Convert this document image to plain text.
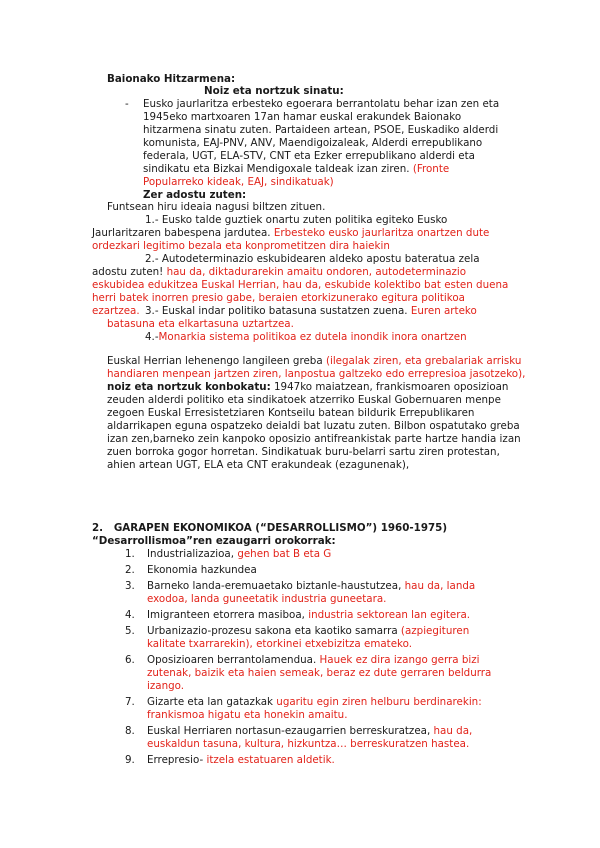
Baionako Hitzarmena:
Noiz eta nortzuk sinatu:
- Eusko jaurlaritza erbesteko egoerara berrantolatu behar izan zen eta 1945eko martxoaren 17an hamar euskal erakundek Baionako hitzarmena sinatu zuten. Partaideen artean, PSOE, Euskadiko alderdi komunista, EAJ-PNV, ANV, Maendigoizaleak, Alderdi errepublikano federala, UGT, ELA-STV, CNT eta Ezker errepublikano alderdi eta sindikatu eta Bizkai Mendigoxale taldeak izan ziren. (Fronte Popularreko kideak, EAJ, sindikatuak)
Zer adostu zuten:
Funtsean hiru ideaia nagusi biltzen zituen.
1.- Eusko talde guztiek onartu zuten politika egiteko Eusko Jaurlaritzaren babespena jardutea. Erbesteko eusko jaurlaritza onartzen dute ordezkari legitimo bezala eta konprometitzen dira haiekin
2.- Autodeterminazio eskubidearen aldeko apostu bateratua zela adostu zuten! hau da, diktadurarekin amaitu ondoren, autodeterminazio eskubidea edukitzea Euskal Herrian, hau da, eskubide kolektibo bat esten duena herri batek inorren presio gabe, beraien etorkizunerako egitura politikoa ezartzea. 3.- Euskal indar politiko batasuna sustatzen zuena. Euren arteko batasuna eta elkartasuna uztartzea.
4.-Monarkia sistema politikoa ez dutela inondik inora onartzen
Euskal Herrian lehenengo langileen greba (ilegalak ziren, eta grebalariak arrisku handiaren menpean jartzen ziren, lanpostua galtzeko edo errepresioa jasotzeko), noiz eta nortzuk konbokatu: 1947ko maiatzean, frankismoaren oposizioan zeuden alderdi politiko eta sindikatoek atzerriko Euskal Gobernuaren menpe zegoen Euskal Erresistetziaren Kontseilu batean bildurik Errepublikaren aldarrikapen eguna ospatzeko deialdi bat luzatu zuten. Bilbon ospatutako greba izan zen,barneko zein kanpoko oposizio antifreankistak parte hartze handia izan zuen borroka gogor horretan. Sindikatuak buru-belarri sartu ziren protestan, ahien artean UGT, ELA eta CNT erakundeak (ezagunenak),
2. GARAPEN EKONOMIKOA (“DESARROLLISMO”) 1960-1975)
“Desarrollismoa”ren ezaugarri orokorrak:
1. Industrializazioa, gehen bat B eta G
2. Ekonomia hazkundea
3. Barneko landa-eremuaetako biztanle-haustutzea, hau da, landa exodoa, landa guneetatik industria guneetara.
4. Imigranteen etorrera masiboa, industria sektorean lan egitera.
5. Urbanizazio-prozesu sakona eta kaotiko samarra (azpiegituren kalitate txarrarekin), etorkinei etxebizitza emateko.
6. Oposizioaren berrantolamendua. Hauek ez dira izango gerra bizi zutenak, baizik eta haien semeak, beraz ez dute gerraren beldurra izango.
7. Gizarte eta lan gatazkak ugaritu egin ziren helburu berdinarekin: frankismoa higatu eta honekin amaitu.
8. Euskal Herriaren nortasun-ezaugarrien berreskuratzea, hau da, euskaldun tasuna, kultura, hizkuntza… berreskuratzen hastea.
9. Errepresio- itzela estatuaren aldetik.
